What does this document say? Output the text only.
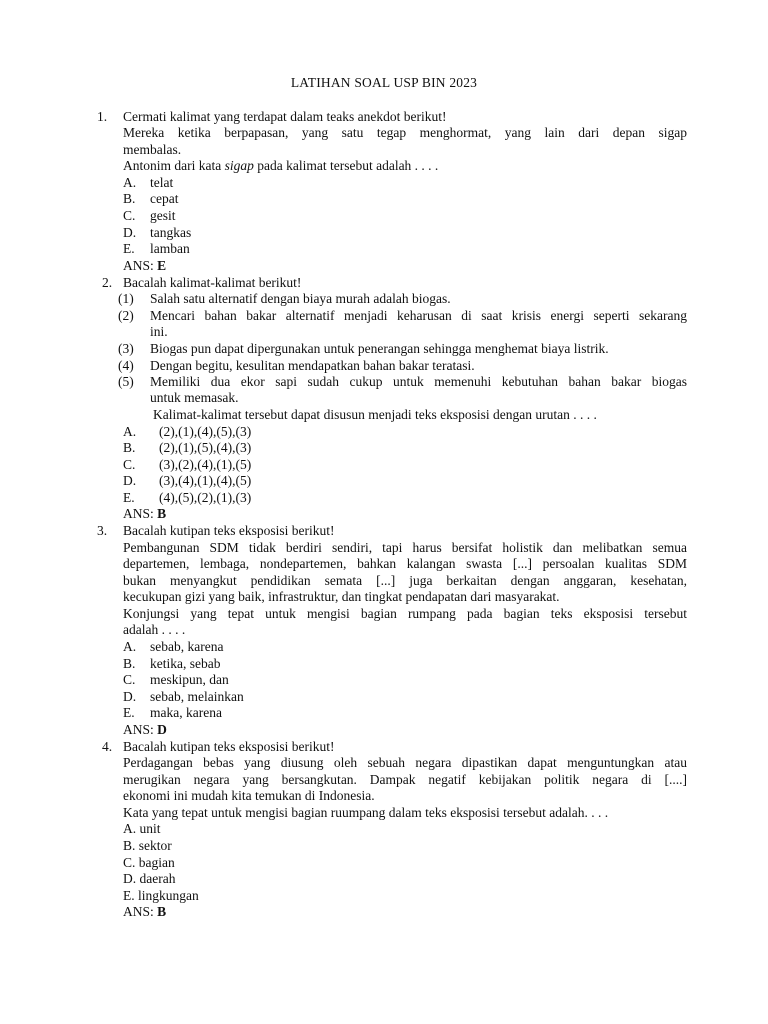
LATIHAN SOAL USP BIN 2023
1. Cermati kalimat yang terdapat dalam teaks anekdot berikut!
Mereka ketika berpapasan, yang satu tegap menghormat, yang lain dari depan sigap
membalas.
Antonim dari kata sigap pada kalimat tersebut adalah . . . .
A. telat
B. cepat
C. gesit
D. tangkas
E. lamban
ANS: E
2. Bacalah kalimat-kalimat berikut!
(1) Salah satu alternatif dengan biaya murah adalah biogas.
(2) Mencari bahan bakar alternatif menjadi keharusan di saat krisis energi seperti sekarang
ini.
(3) Biogas pun dapat dipergunakan untuk penerangan sehingga menghemat biaya listrik.
(4) Dengan begitu, kesulitan mendapatkan bahan bakar teratasi.
(5) Memiliki dua ekor sapi sudah cukup untuk memenuhi kebutuhan bahan bakar biogas
untuk memasak.
Kalimat-kalimat tersebut dapat disusun menjadi teks eksposisi dengan urutan . . . .
A. (2),(1),(4),(5),(3)
B. (2),(1),(5),(4),(3)
C. (3),(2),(4),(1),(5)
D. (3),(4),(1),(4),(5)
E. (4),(5),(2),(1),(3)
ANS: B
3. Bacalah kutipan teks eksposisi berikut!
Pembangunan SDM tidak berdiri sendiri, tapi harus bersifat holistik dan melibatkan semua
departemen, lembaga, nondepartemen, bahkan kalangan swasta [...] persoalan kualitas SDM
bukan menyangkut pendidikan semata [...] juga berkaitan dengan anggaran, kesehatan,
kecukupan gizi yang baik, infrastruktur, dan tingkat pendapatan dari masyarakat.
Konjungsi yang tepat untuk mengisi bagian rumpang pada bagian teks eksposisi tersebut
adalah . . . .
A. sebab, karena
B. ketika, sebab
C. meskipun, dan
D. sebab, melainkan
E. maka, karena
ANS: D
4. Bacalah kutipan teks eksposisi berikut!
Perdagangan bebas yang diusung oleh sebuah negara dipastikan dapat menguntungkan atau
merugikan negara yang bersangkutan. Dampak negatif kebijakan politik negara di [....]
ekonomi ini mudah kita temukan di Indonesia.
Kata yang tepat untuk mengisi bagian ruumpang dalam teks eksposisi tersebut adalah. . . .
A. unit
B. sektor
C. bagian
D. daerah
E. lingkungan
ANS: B
